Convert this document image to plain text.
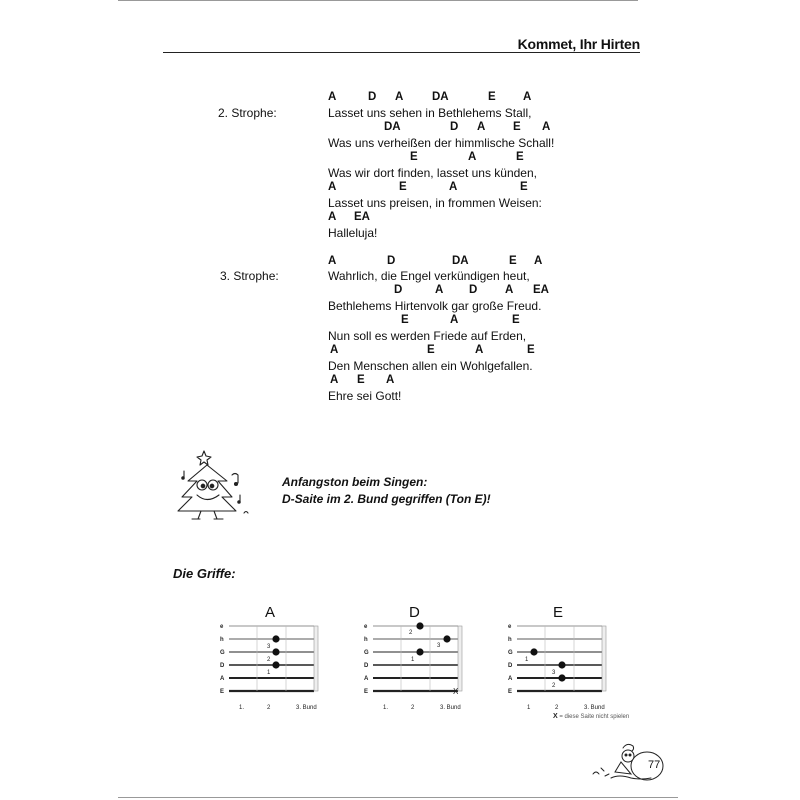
Kommet, Ihr Hirten
2. Strophe:
A	D A DA	E A
Lasset uns sehen in Bethlehems Stall,
DA	D A E A
Was uns verheißen der himmlische Schall!
E	A	E
Was wir dort finden, lasset uns künden,
A	E	A	E
Lasset uns preisen, in frommen Weisen:
A EA
Halleluja!
3. Strophe:
A	D	DA	E A
Wahrlich, die Engel verkündigen heut,
D	A D A EA
Bethlehems Hirtenvolk gar große Freud.
E	A	E
Nun soll es werden Friede auf Erden,
A	E	A	E
Den Menschen allen ein Wohlgefallen.
A E A
Ehre sei Gott!
Anfangston beim Singen:
D-Saite im 2. Bund gegriffen (Ton E)!
Die Griffe:
A
e
h
G
D
A
E
3
2
1
1.	2	3. Bund
D
e
h
G
D
A
E
2
3
1
1.	2	3. Bund
X
E
e
h
G
D
A
E
1
3
2
1	2	3. Bund
X = diese Saite nicht spielen
77
